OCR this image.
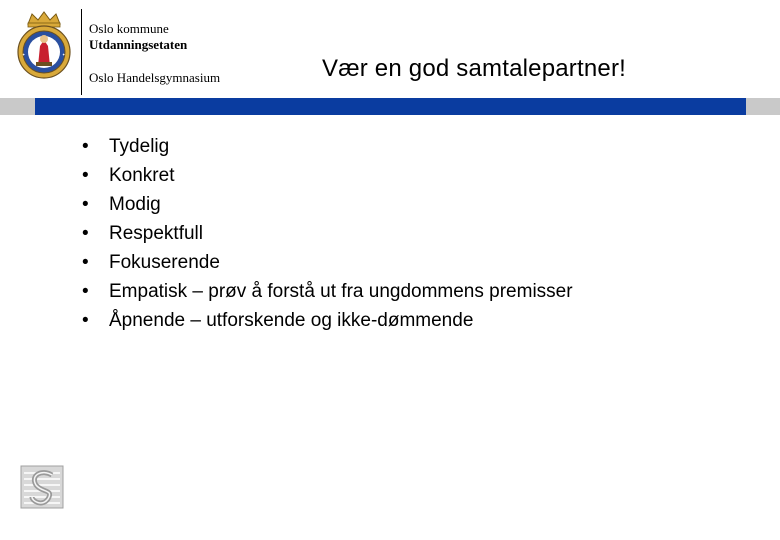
✦	✦
Oslo kommune
Utdanningsetaten
Oslo Handelsgymnasium	Vær en god samtalepartner!
• Tydelig
• Konkret
• Modig
• Respektfull
• Fokuserende
• Empatisk – prøv å forstå ut fra ungdommens premisser
• Åpnende – utforskende og ikke-dømmende
